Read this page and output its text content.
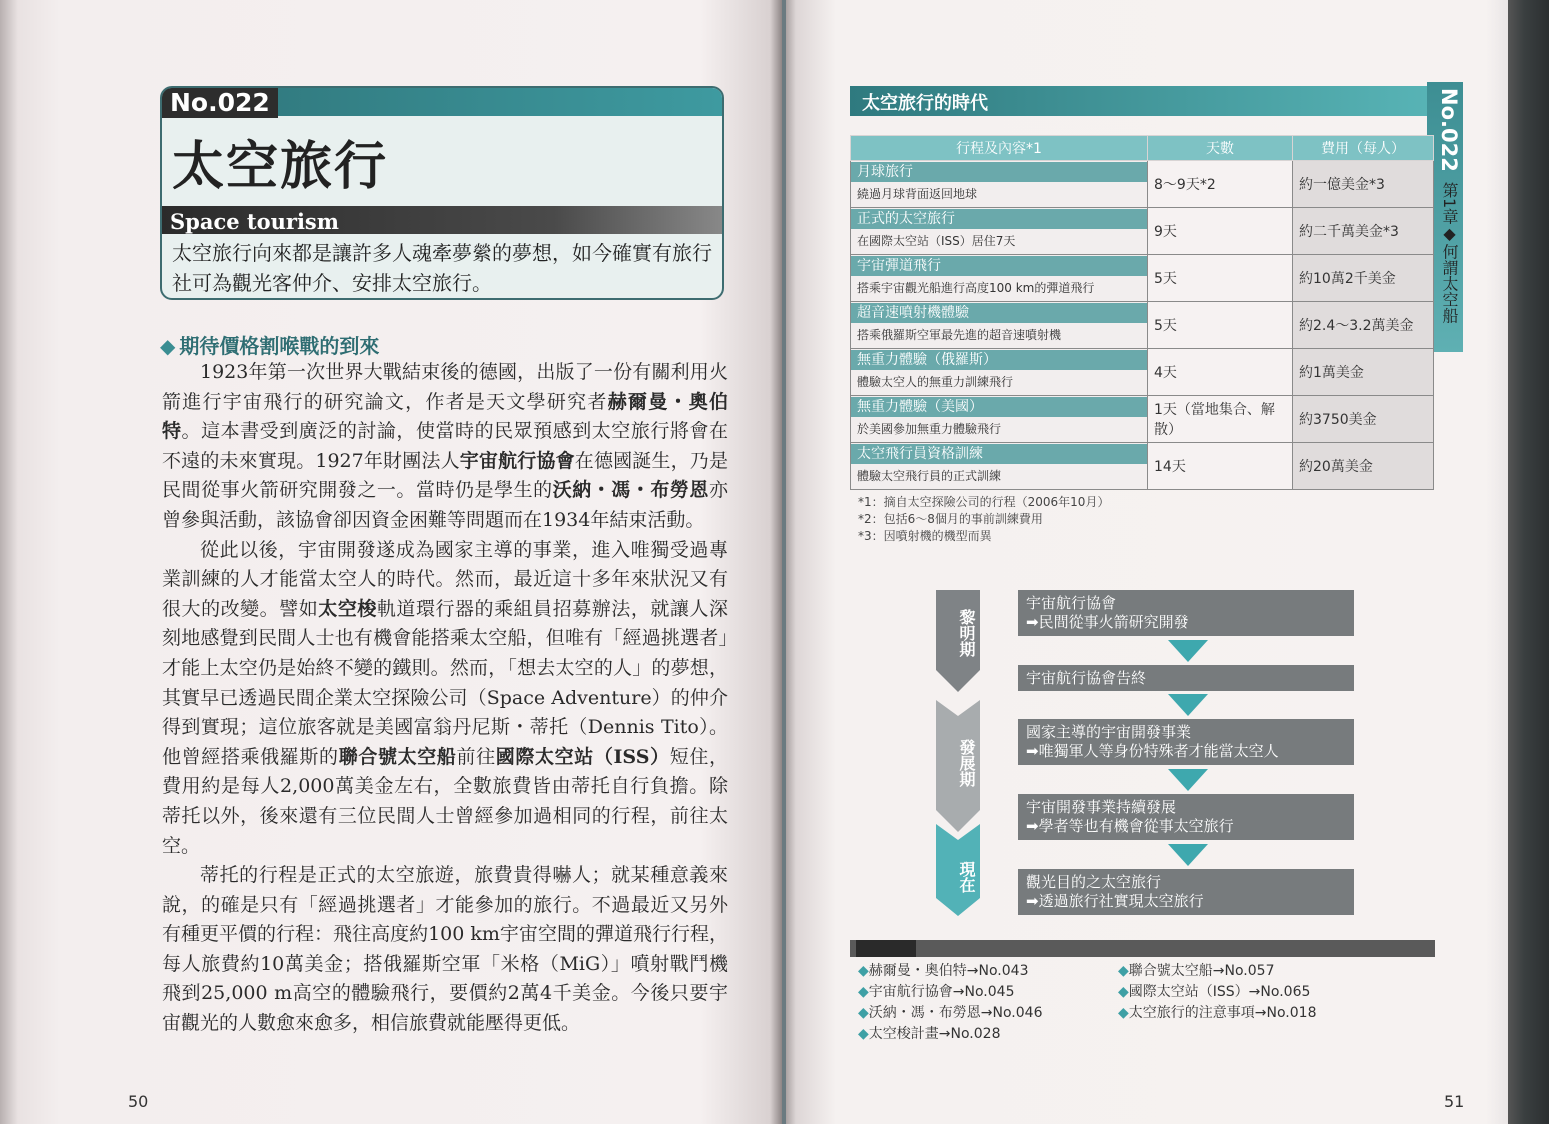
No.022
太空旅行
Space tourism
太空旅行向來都是讓許多人魂牽夢縈的夢想，如今確實有旅行社可為觀光客仲介、安排太空旅行。
◆ 期待價格割喉戰的到來

1923年第一次世界大戰結束後的德國，出版了一份有關利用火箭進行宇宙飛行的研究論文，作者是天文學研究者赫爾曼・奧伯特。這本書受到廣泛的討論，使當時的民眾預感到太空旅行將會在不遠的未來實現。1927年財團法人宇宙航行協會在德國誕生，乃是民間從事火箭研究開發之一。當時仍是學生的沃納・馮・布勞恩亦曾參與活動，該協會卻因資金困難等問題而在1934年結束活動。

從此以後，宇宙開發遂成為國家主導的事業，進入唯獨受過專業訓練的人才能當太空人的時代。然而，最近這十多年來狀況又有很大的改變。譬如太空梭軌道環行器的乘組員招募辦法，就讓人深刻地感覺到民間人士也有機會能搭乘太空船，但唯有「經過挑選者」才能上太空仍是始終不變的鐵則。然而，「想去太空的人」的夢想，其實早已透過民間企業太空探險公司（Space Adventure）的仲介得到實現；這位旅客就是美國富翁丹尼斯・蒂托（Dennis Tito）。他曾經搭乘俄羅斯的聯合號太空船前往國際太空站（ISS）短住，費用約是每人2,000萬美金左右，全數旅費皆由蒂托自行負擔。除蒂托以外，後來還有三位民間人士曾經參加過相同的行程，前往太空。

蒂托的行程是正式的太空旅遊，旅費貴得嚇人；就某種意義來說，的確是只有「經過挑選者」才能參加的旅行。不過最近又另外有種更平價的行程：飛往高度約100 km宇宙空間的彈道飛行行程，每人旅費約10萬美金；搭俄羅斯空軍「米格（MiG）」噴射戰鬥機飛到25,000 m高空的體驗飛行，要價約2萬4千美金。今後只要宇宙觀光的人數愈來愈多，相信旅費就能壓得更低。

50
太空旅行的時代	No.022
第1章◆何謂太空船
行程及內容*1	天數	費用（每人）

月球旅行
繞過月球背面返回地球	8～9天*2	約一億美金*3

正式的太空旅行
在國際太空站（ISS）居住7天	9天	約二千萬美金*3

宇宙彈道飛行
搭乘宇宙觀光船進行高度100 km的彈道飛行	5天	約10萬2千美金

超音速噴射機體驗
搭乘俄羅斯空軍最先進的超音速噴射機	5天	約2.4～3.2萬美金

無重力體驗（俄羅斯）
體驗太空人的無重力訓練飛行	4天	約1萬美金

無重力體驗（美國）
於美國參加無重力體驗飛行	1天（當地集合、解散）	約3750美金

太空飛行員資格訓練
體驗太空飛行員的正式訓練	14天	約20萬美金
*1：摘自太空探險公司的行程（2006年10月）
*2：包括6～8個月的事前訓練費用
*3：因噴射機的機型而異
黎明期
發展期
現在
宇宙航行協會
➡民間從事火箭研究開發
宇宙航行協會告終
國家主導的宇宙開發事業
➡唯獨軍人等身份特殊者才能當太空人
宇宙開發事業持續發展
➡學者等也有機會從事太空旅行
觀光目的之太空旅行
➡透過旅行社實現太空旅行
◆赫爾曼・奧伯特→No.043
◆宇宙航行協會→No.045
◆沃納・馮・布勞恩→No.046
◆太空梭計畫→No.028
◆聯合號太空船→No.057
◆國際太空站（ISS）→No.065
◆太空旅行的注意事項→No.018
51
